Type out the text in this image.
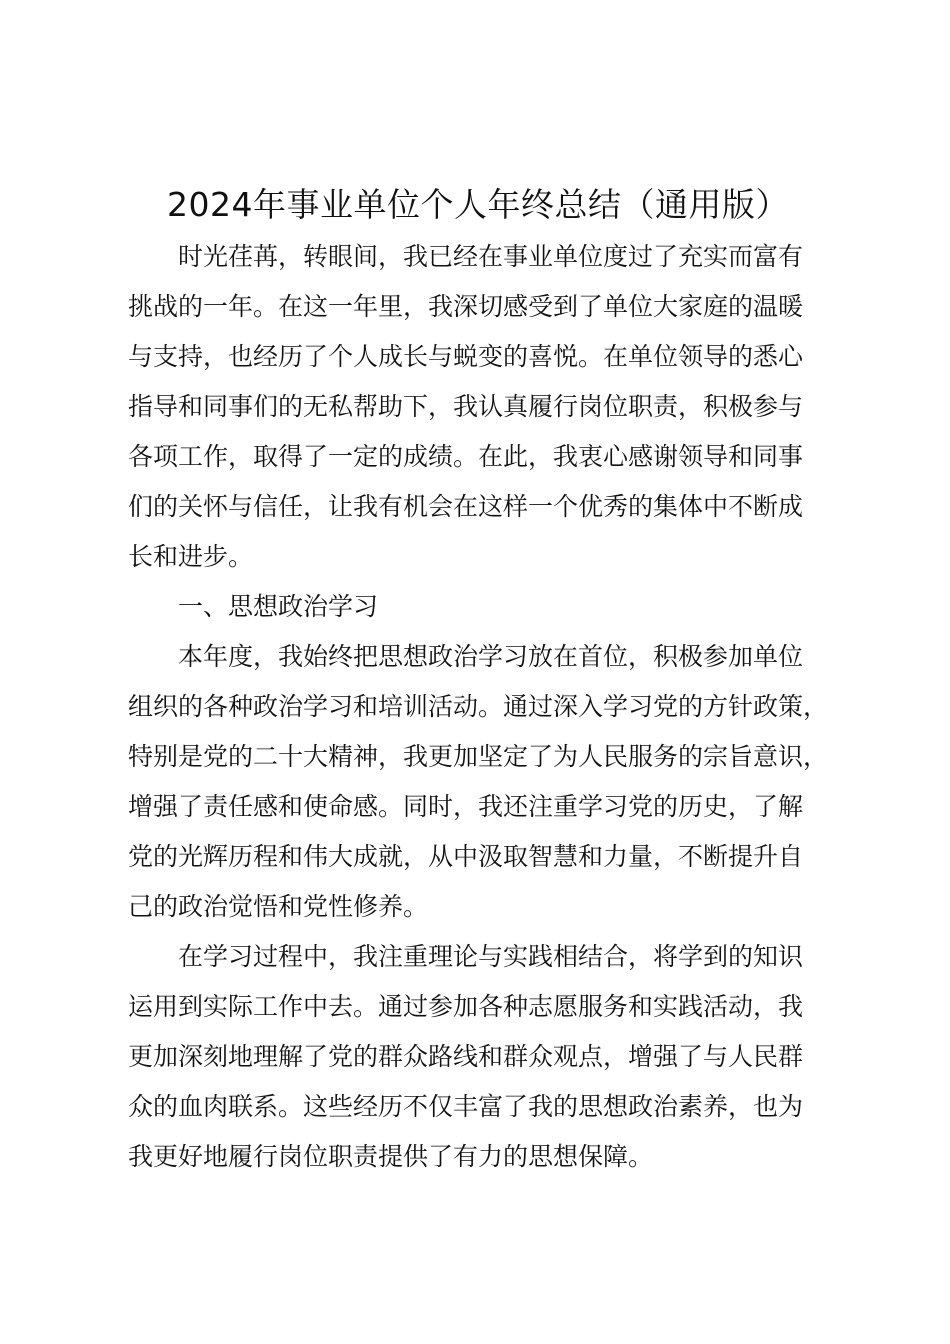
2024年事业单位个人年终总结（通用版）
时光荏苒，转眼间，我已经在事业单位度过了充实而富有
挑战的一年。在这一年里，我深切感受到了单位大家庭的温暖
与支持，也经历了个人成长与蜕变的喜悦。在单位领导的悉心
指导和同事们的无私帮助下，我认真履行岗位职责，积极参与
各项工作，取得了一定的成绩。在此，我衷心感谢领导和同事
们的关怀与信任，让我有机会在这样一个优秀的集体中不断成
长和进步。
一、思想政治学习
本年度，我始终把思想政治学习放在首位，积极参加单位
组织的各种政治学习和培训活动。通过深入学习党的方针政策，
特别是党的二十大精神，我更加坚定了为人民服务的宗旨意识，
增强了责任感和使命感。同时，我还注重学习党的历史，了解
党的光辉历程和伟大成就，从中汲取智慧和力量，不断提升自
己的政治觉悟和党性修养。
在学习过程中，我注重理论与实践相结合，将学到的知识
运用到实际工作中去。通过参加各种志愿服务和实践活动，我
更加深刻地理解了党的群众路线和群众观点，增强了与人民群
众的血肉联系。这些经历不仅丰富了我的思想政治素养，也为
我更好地履行岗位职责提供了有力的思想保障。
